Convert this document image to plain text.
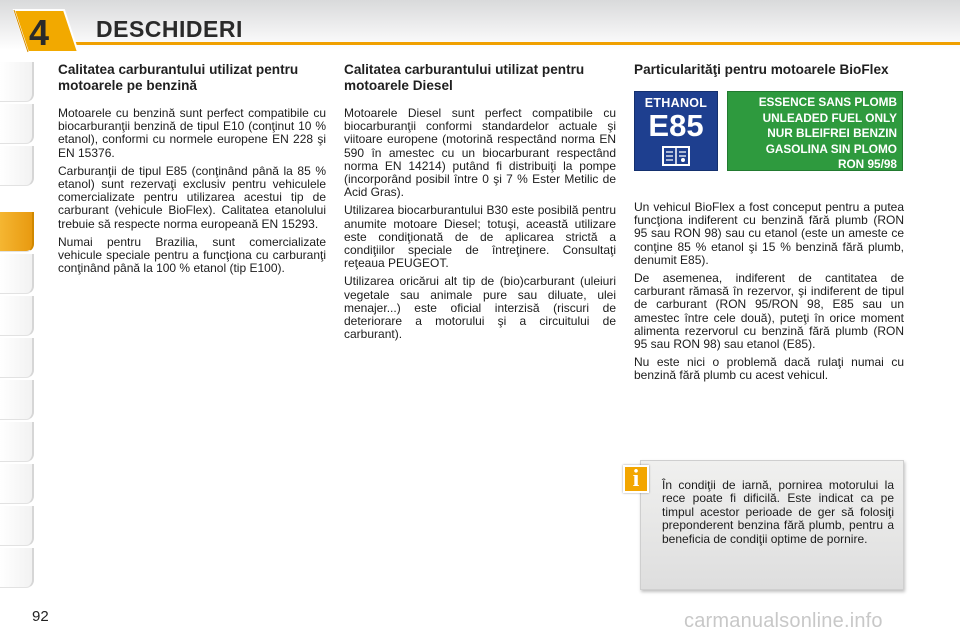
4	DESCHIDERI
Calitatea carburantului utilizat pentru motoarele pe benzină

Motoarele cu benzină sunt perfect compatibile cu biocarburanţii benzină de tipul E10 (conţinut 10 % etanol), conformi cu normele europene EN 228 şi EN 15376.

Carburanţii de tipul E85 (conţinând până la 85 % etanol) sunt rezervaţi exclusiv pentru vehiculele comercializate pentru utilizarea acestui tip de carburant (vehicule BioFlex). Calitatea etanolului trebuie să respecte norma europeană EN 15293.

Numai pentru Brazilia, sunt comercializate vehicule speciale pentru a funcţiona cu carburanţi conţinând până la 100 % etanol (tip E100).

Calitatea carburantului utilizat pentru motoarele Diesel

Motoarele Diesel sunt perfect compatibile cu biocarburanţii conformi standardelor actuale şi viitoare europene (motorină respectând norma EN 590 în amestec cu un biocarburant respectând norma EN 14214) putând fi distribuiţi la pompe (incorporând posibil între 0 şi 7 % Ester Metilic de Acid Gras).

Utilizarea biocarburantului B30 este posibilă pentru anumite motoare Diesel; totuşi, această utilizare este condiţionată de de aplicarea strictă a condiţiilor speciale de întreţinere. Consultaţi reţeaua PEUGEOT.

Utilizarea oricărui alt tip de (bio)carburant (uleiuri vegetale sau animale pure sau diluate, ulei menajer...) este oficial interzisă (riscuri de deteriorare a motorului şi a circuitului de carburant).

Particularităţi pentru motoarele BioFlex
ETHANOL
E85
ESSENCE SANS PLOMB
UNLEADED FUEL ONLY
NUR BLEIFREI BENZIN
GASOLINA SIN PLOMO
RON 95/98

Un vehicul BioFlex a fost conceput pentru a putea funcţiona indiferent cu benzină fără plumb (RON 95 sau RON 98) sau cu etanol (este un ameste ce conţine 85 % etanol şi 15 % benzină fără plumb, denumit E85).

De asemenea, indiferent de cantitatea de carburant rămasă în rezervor, şi indiferent de tipul de carburant (RON 95/RON 98, E85 sau un amestec între cele două), puteţi în orice moment alimenta rezervorul cu benzină fără plumb (RON 95 sau RON 98) sau etanol (E85).

Nu este nici o problemă dacă rulaţi numai cu benzină fără plumb cu acest vehicul.

i	În condiţii de iarnă, pornirea motorului la rece poate fi dificilă. Este indicat ca pe timpul acestor perioade de ger să folosiţi preponderent benzina fără plumb, pentru a beneficia de condiţii optime de pornire.
92	carmanualsonline.info
